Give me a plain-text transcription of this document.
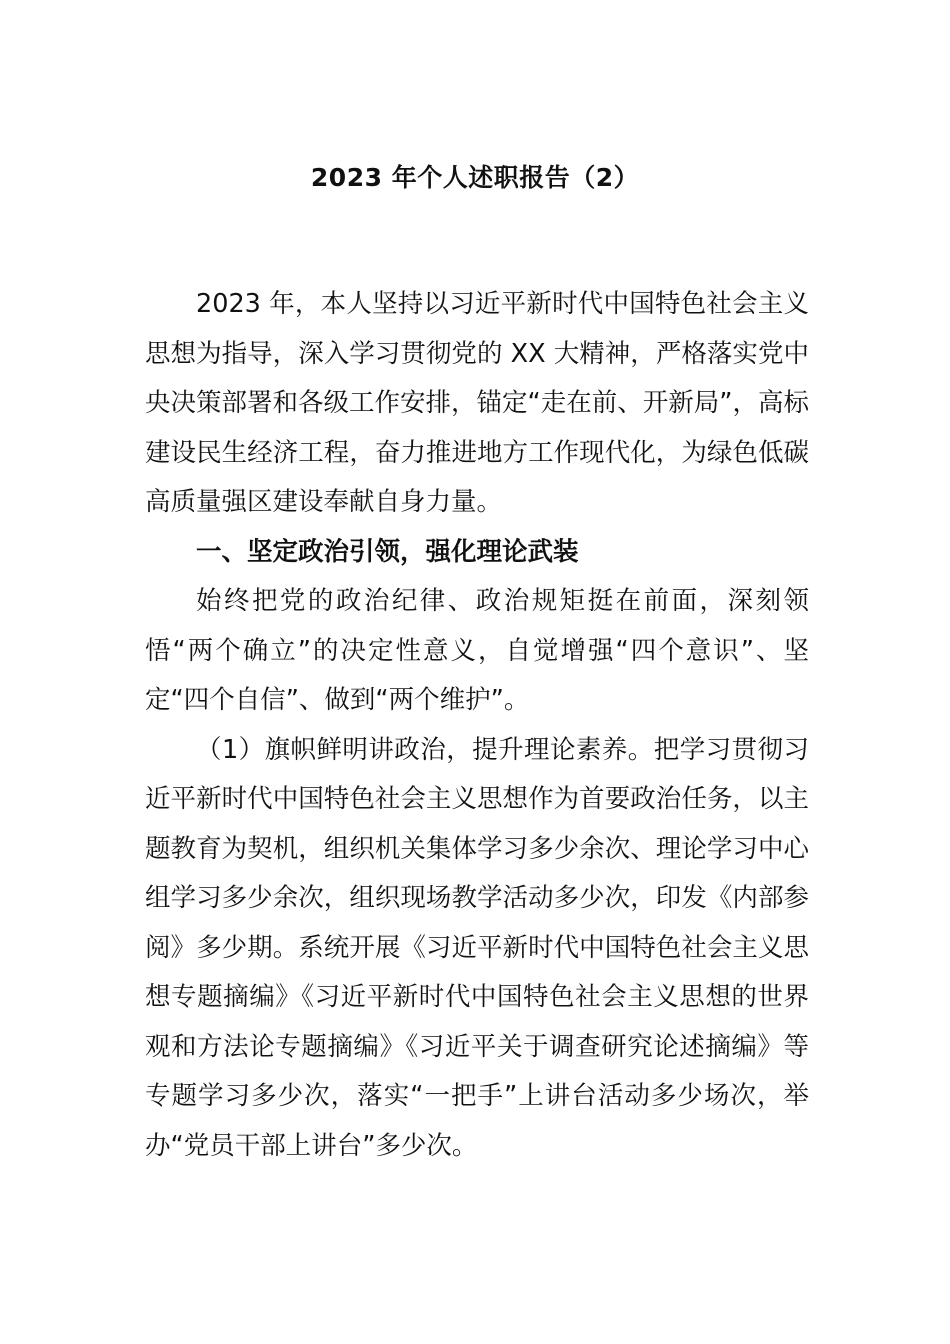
2023 年个人述职报告（2）

2023 年，本人坚持以习近平新时代中国特色社会主义思想为指导，深入学习贯彻党的 XX 大精神，严格落实党中央决策部署和各级工作安排，锚定“走在前、开新局”，高标建设民生经济工程，奋力推进地方工作现代化，为绿色低碳高质量强区建设奉献自身力量。

一、坚定政治引领，强化理论武装

始终把党的政治纪律、政治规矩挺在前面，深刻领悟“两个确立”的决定性意义，自觉增强“四个意识”、坚定“四个自信”、做到“两个维护”。

（1）旗帜鲜明讲政治，提升理论素养。把学习贯彻习近平新时代中国特色社会主义思想作为首要政治任务，以主题教育为契机，组织机关集体学习多少余次、理论学习中心组学习多少余次，组织现场教学活动多少次，印发《内部参阅》多少期。系统开展《习近平新时代中国特色社会主义思想专题摘编》《习近平新时代中国特色社会主义思想的世界观和方法论专题摘编》《习近平关于调查研究论述摘编》等专题学习多少次，落实“一把手”上讲台活动多少场次，举办“党员干部上讲台”多少次。
